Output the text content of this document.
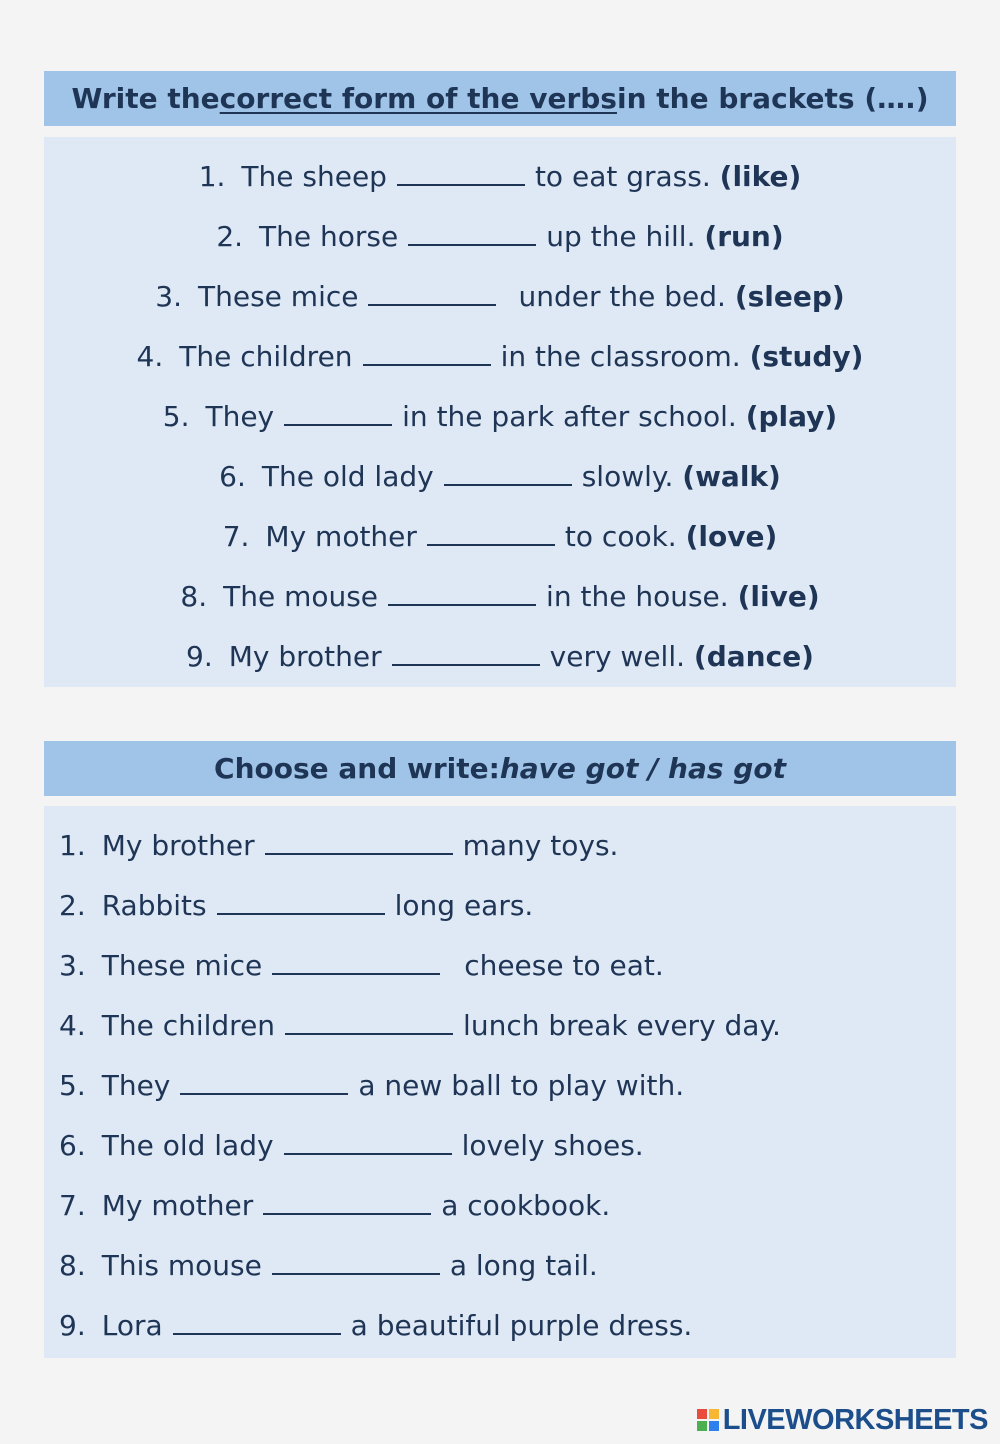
Write the correct form of the verbs in the brackets (….)
1. The sheep	to eat grass. (like)
2. The horse	up the hill. (run)
3. These mice	under the bed. (sleep)
4. The children	in the classroom. (study)
5. They	in the park after school. (play)
6. The old lady	slowly. (walk)
7. My mother	to cook. (love)
8. The mouse	in the house. (live)
9. My brother	very well. (dance)
Choose and write: have got / has got
1. My brother	many toys.
2. Rabbits	long ears.
3. These mice	cheese to eat.
4. The children	lunch break every day.
5. They	a new ball to play with.
6. The old lady	lovely shoes.
7. My mother	a cookbook.
8. This mouse	a long tail.
9. Lora	a beautiful purple dress.
LIVEWORKSHEETS
